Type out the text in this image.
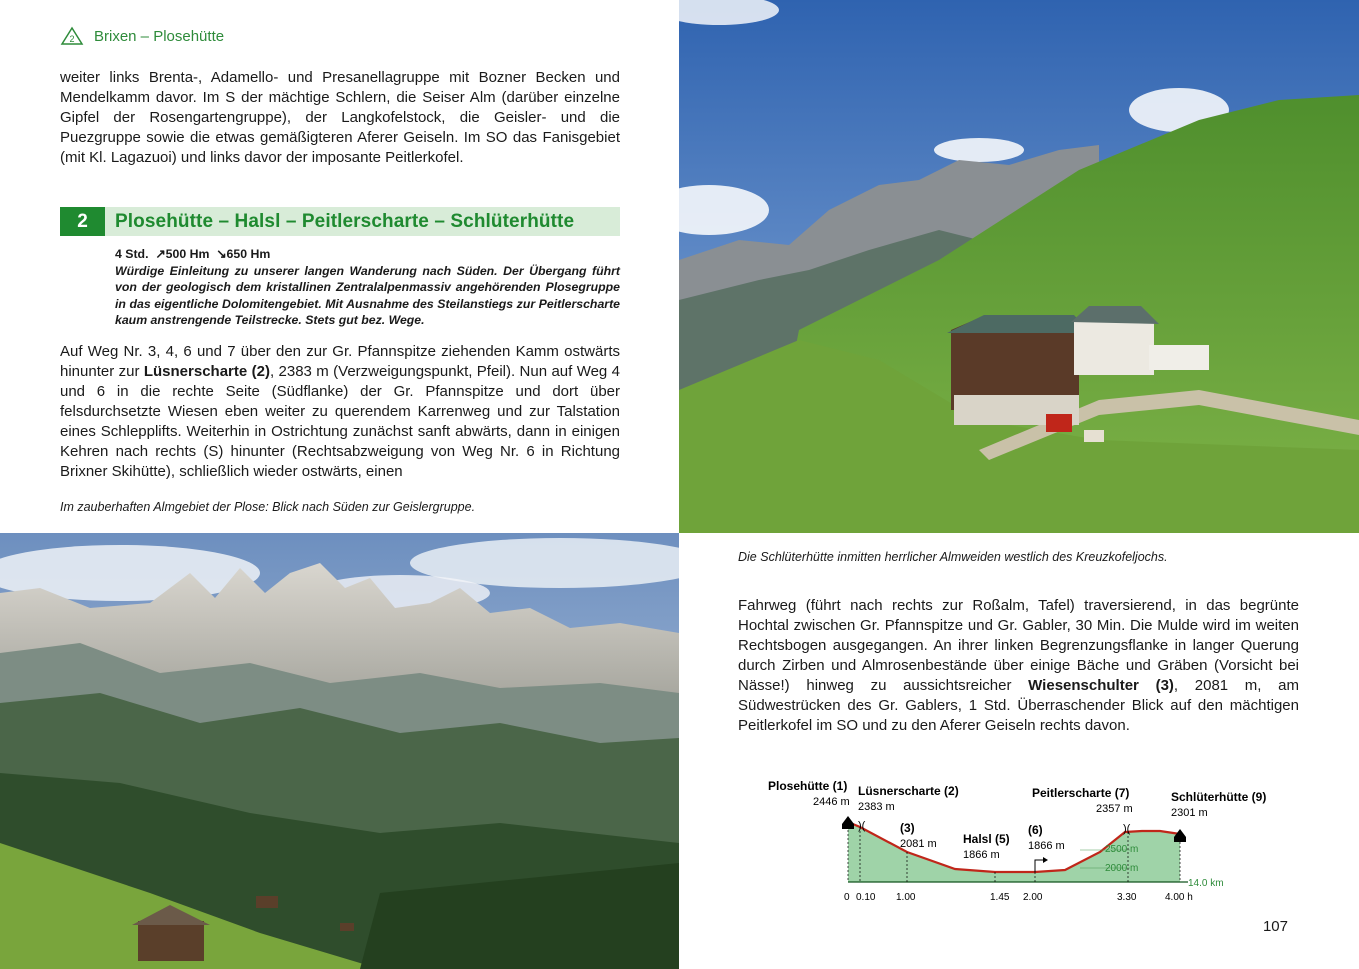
2 Brixen – Plosehütte

weiter links Brenta-, Adamello- und Presanellagruppe mit Bozner Becken und Mendelkamm davor. Im S der mächtige Schlern, die Seiser Alm (darüber einzelne Gipfel der Rosengartengruppe), der Langkofelstock, die Geisler- und die Puezgruppe sowie die etwas gemäßigteren Aferer Geiseln. Im SO das Fanisgebiet (mit Kl. Lagazuoi) und links davor der imposante Peitlerkofel.

2	Plosehütte – Halsl – Peitlerscharte – Schlüterhütte
4 Std. ↗500 Hm ↘650 Hm
Würdige Einleitung zu unserer langen Wanderung nach Süden. Der Übergang führt von der geologisch dem kristallinen Zentralalpenmassiv angehörenden Plosegruppe in das eigentliche Dolomitengebiet. Mit Ausnahme des Steilanstiegs zur Peitlerscharte kaum anstrengende Teilstrecke. Stets gut bez. Wege.

Auf Weg Nr. 3, 4, 6 und 7 über den zur Gr. Pfannspitze ziehenden Kamm ostwärts hinunter zur Lüsnerscharte (2), 2383 m (Verzweigungspunkt, Pfeil). Nun auf Weg 4 und 6 in die rechte Seite (Südflanke) der Gr. Pfannspitze und dort über felsdurchsetzte Wiesen eben weiter zu querendem Karrenweg und zur Talstation eines Schlepplifts. Weiterhin in Ostrichtung zunächst sanft abwärts, dann in einigen Kehren nach rechts (S) hinunter (Rechtsabzweigung von Weg Nr. 6 in Richtung Brixner Skihütte), schließlich wieder ostwärts, einen

Im zauberhaften Almgebiet der Plose: Blick nach Süden zur Geislergruppe.
Die Schlüterhütte inmitten herrlicher Almweiden westlich des Kreuzkofeljochs.

Fahrweg (führt nach rechts zur Roßalm, Tafel) traversierend, in das begrünte Hochtal zwischen Gr. Pfannspitze und Gr. Gabler, 30 Min. Die Mulde wird im weiten Rechtsbogen ausgegangen. An ihrer linken Begrenzungsflanke in langer Querung durch Zirben und Almrosenbestände über einige Bäche und Gräben (Vorsicht bei Nässe!) hinweg zu aussichtsreicher Wiesenschulter (3), 2081 m, am Südwestrücken des Gr. Gablers, 1 Std. Überraschender Blick auf den mächtigen Peitlerkofel im SO und zu den Aferer Geiseln rechts davon.

2500 m
2000 m
)(	)(
Plosehütte (1)
2446 m
Lüsnerscharte (2)
2383 m
(3)
2081 m Halsl (5)
1866 m
(6)
1866 m
Peitlerscharte (7)
2357 m
Schlüterhütte (9)
2301 m
14.0 km
0 0.10 1.00	1.45 2.00	3.30	4.00 h
107
